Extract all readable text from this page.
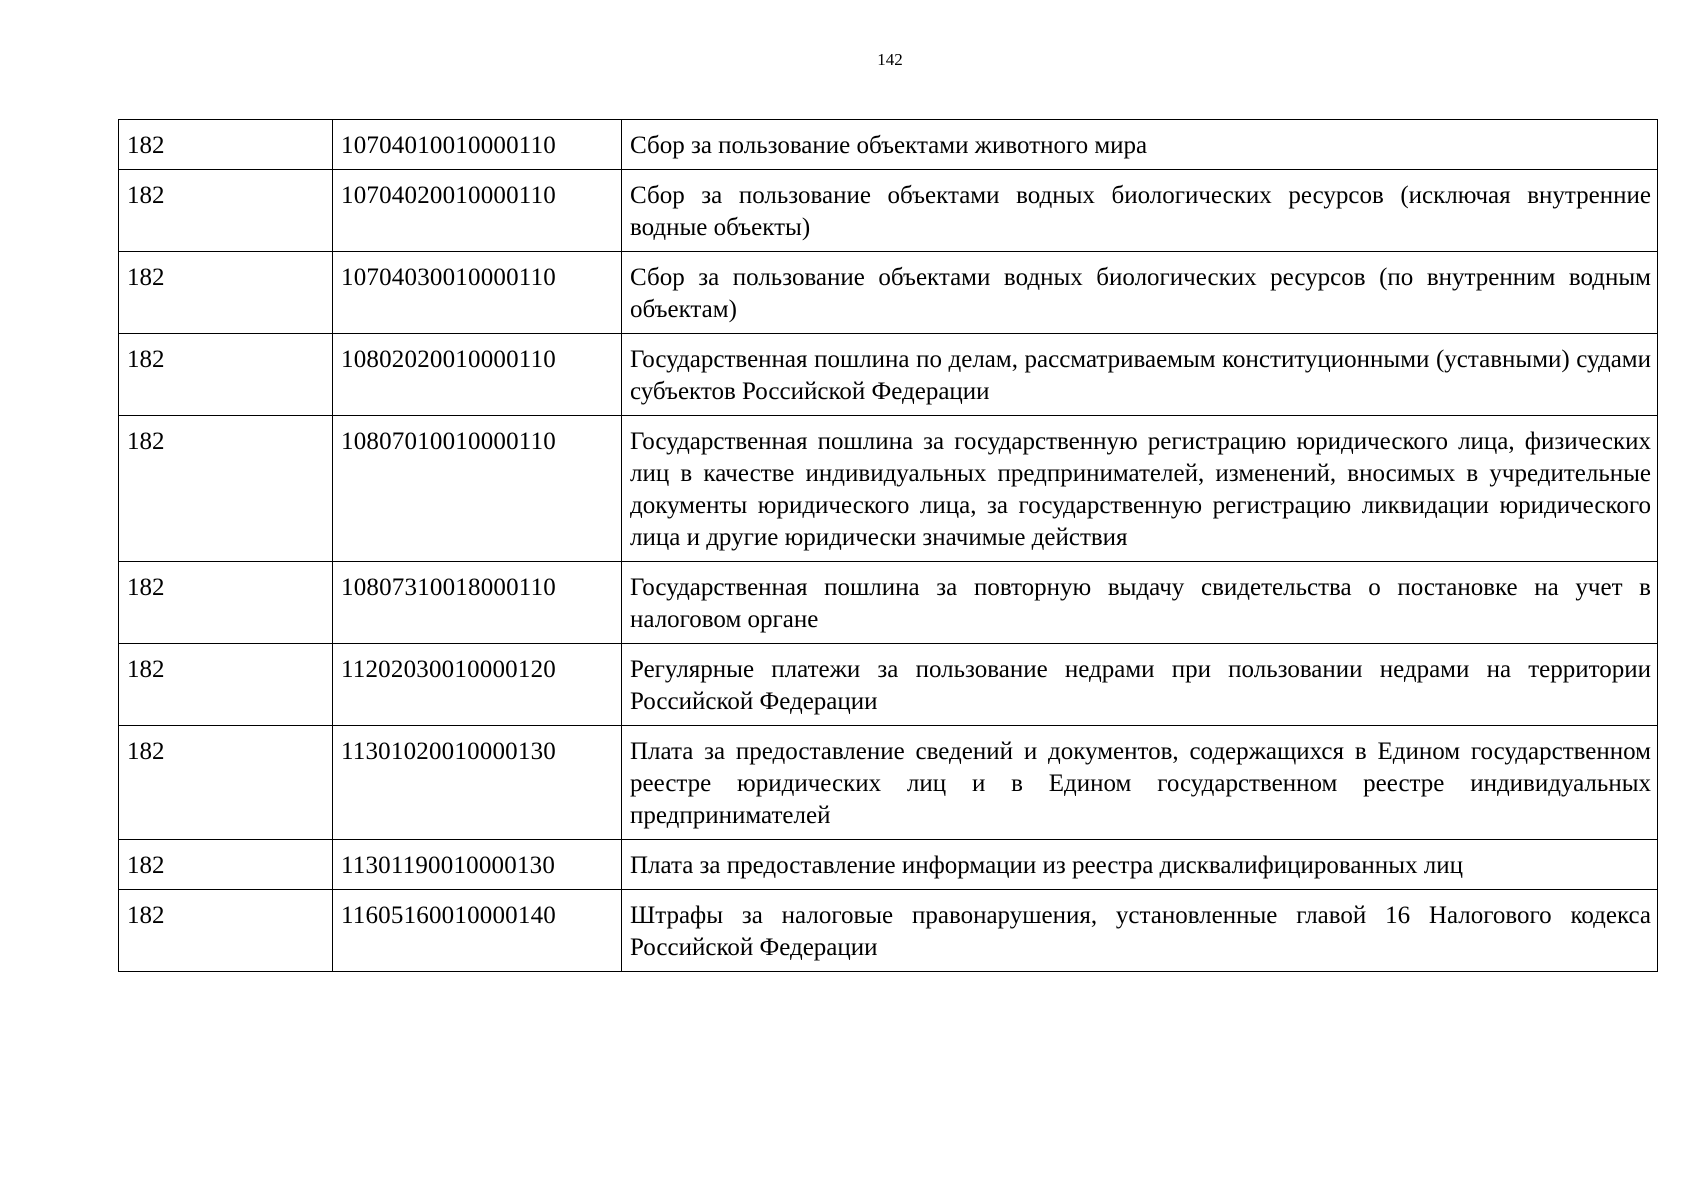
142
182	10704010010000110	Сбор за пользование объектами животного мира
182	10704020010000110	Сбор за пользование объектами водных биологических ресурсов (исключая внутренние водные объекты)
182	10704030010000110	Сбор за пользование объектами водных биологических ресурсов (по внутренним водным объектам)
182	10802020010000110	Государственная пошлина по делам, рассматриваемым конституционными (уставными) судами субъектов Российской Федерации
182	10807010010000110	Государственная пошлина за государственную регистрацию юридического лица, физических лиц в качестве индивидуальных предпринимателей, изменений, вносимых в учредительные документы юридического лица, за государственную регистрацию ликвидации юридического лица и другие юридически значимые действия
182	10807310018000110	Государственная пошлина за повторную выдачу свидетельства о постановке на учет в налоговом органе
182	11202030010000120	Регулярные платежи за пользование недрами при пользовании недрами на территории Российской Федерации
182	11301020010000130	Плата за предоставление сведений и документов, содержащихся в Едином государственном реестре юридических лиц и в Едином государственном реестре индивидуальных предпринимателей
182	11301190010000130	Плата за предоставление информации из реестра дисквалифицированных лиц
182	11605160010000140	Штрафы за налоговые правонарушения, установленные главой 16 Налогового кодекса Российской Федерации
